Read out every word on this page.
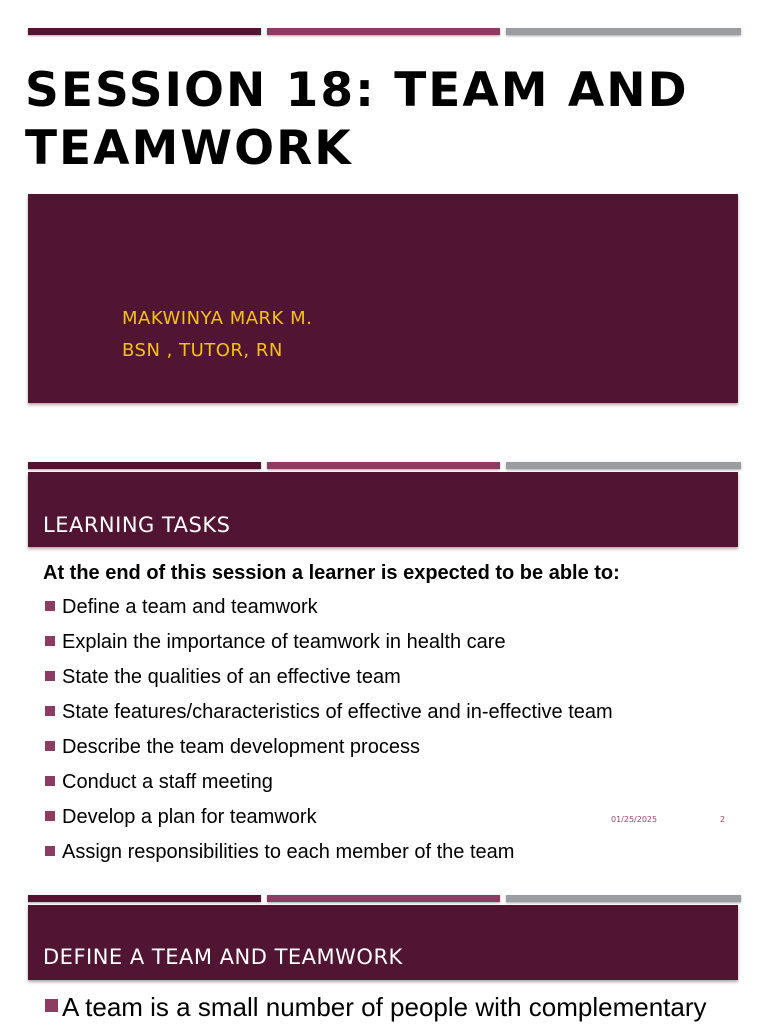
SESSION 18: TEAM AND TEAMWORK
MAKWINYA MARK M.
BSN , TUTOR, RN
LEARNING TASKS
At the end of this session a learner is expected to be able to:
Define a team and teamwork
Explain the importance of teamwork in health care
State the qualities of an effective team
State features/characteristics of effective and in-effective team
Describe the team development process
Conduct a staff meeting
Develop a plan for teamwork
Assign responsibilities to each member of the team
01/25/2025	2
DEFINE A TEAM AND TEAMWORK
A team is a small number of people with complementary
